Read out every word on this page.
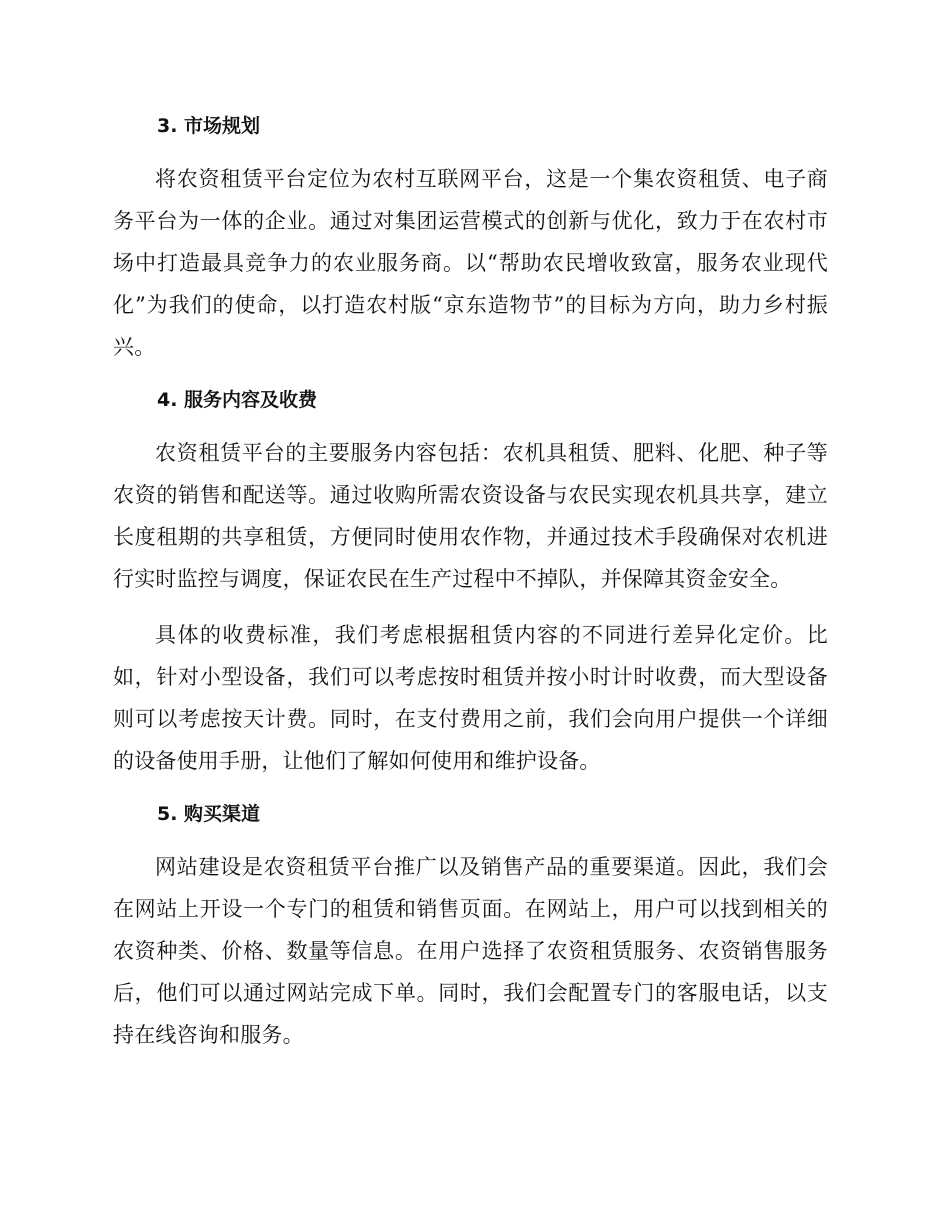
3. 市场规划

将农资租赁平台定位为农村互联网平台，这是一个集农资租赁、电子商务平台为一体的企业。通过对集团运营模式的创新与优化，致力于在农村市场中打造最具竞争力的农业服务商。以“帮助农民增收致富，服务农业现代化”为我们的使命，以打造农村版“京东造物节”的目标为方向，助力乡村振兴。

4. 服务内容及收费

农资租赁平台的主要服务内容包括：农机具租赁、肥料、化肥、种子等农资的销售和配送等。通过收购所需农资设备与农民实现农机具共享，建立长度租期的共享租赁，方便同时使用农作物，并通过技术手段确保对农机进行实时监控与调度，保证农民在生产过程中不掉队，并保障其资金安全。

具体的收费标准，我们考虑根据租赁内容的不同进行差异化定价。比如，针对小型设备，我们可以考虑按时租赁并按小时计时收费，而大型设备则可以考虑按天计费。同时，在支付费用之前，我们会向用户提供一个详细的设备使用手册，让他们了解如何使用和维护设备。

5. 购买渠道

网站建设是农资租赁平台推广以及销售产品的重要渠道。因此，我们会在网站上开设一个专门的租赁和销售页面。在网站上，用户可以找到相关的农资种类、价格、数量等信息。在用户选择了农资租赁服务、农资销售服务后，他们可以通过网站完成下单。同时，我们会配置专门的客服电话，以支持在线咨询和服务。
